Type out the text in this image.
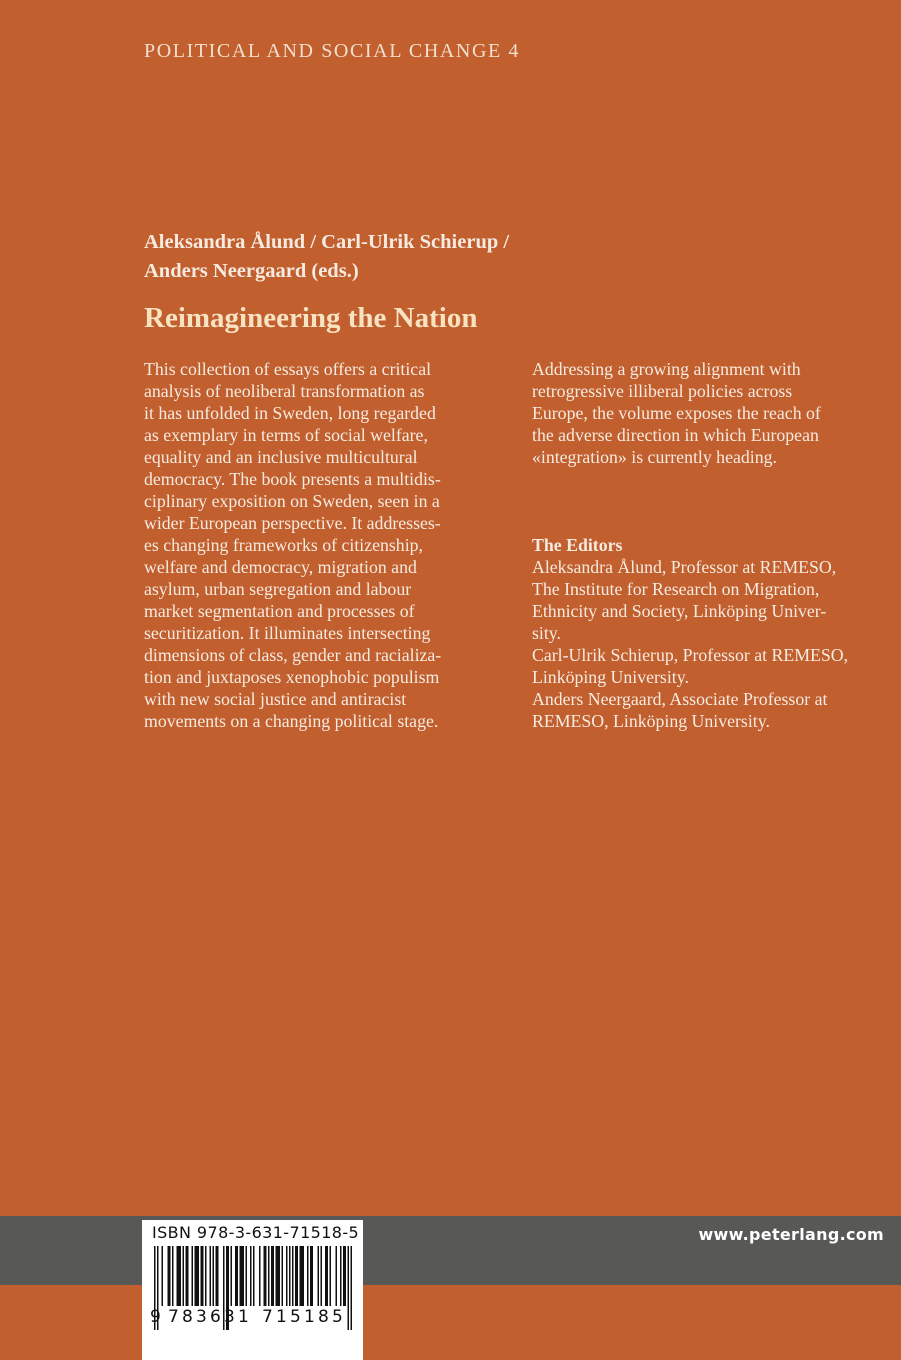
POLITICAL AND SOCIAL CHANGE 4
Aleksandra Ålund / Carl-Ulrik Schierup /
Anders Neergaard (eds.)
Reimagineering the Nation
This collection of essays offers a critical
analysis of neoliberal transformation as
it has unfolded in Sweden, long regarded
as exemplary in terms of social welfare,
equality and an inclusive multicultural
democracy. The book presents a multidis-
ciplinary exposition on Sweden, seen in a
wider European perspective. It addresses-
es changing frameworks of citizenship,
welfare and democracy, migration and
asylum, urban segregation and labour
market segmentation and processes of
securitization. It illuminates intersecting
dimensions of class, gender and racializa-
tion and juxtaposes xenophobic populism
with new social justice and antiracist
movements on a changing political stage.
Addressing a growing alignment with
retrogressive illiberal policies across
Europe, the volume exposes the reach of
the adverse direction in which European
«integration» is currently heading.
The Editors
Aleksandra Ålund, Professor at REMESO,
The Institute for Research on Migration,
Ethnicity and Society, Linköping Univer-
sity.
Carl-Ulrik Schierup, Professor at REMESO,
Linköping University.
Anders Neergaard, Associate Professor at
REMESO, Linköping University.
www.peterlang.com
ISBN 978-3-631-71518-5
9 7 8 3 6 3 1 7 1 5 1 8 5
